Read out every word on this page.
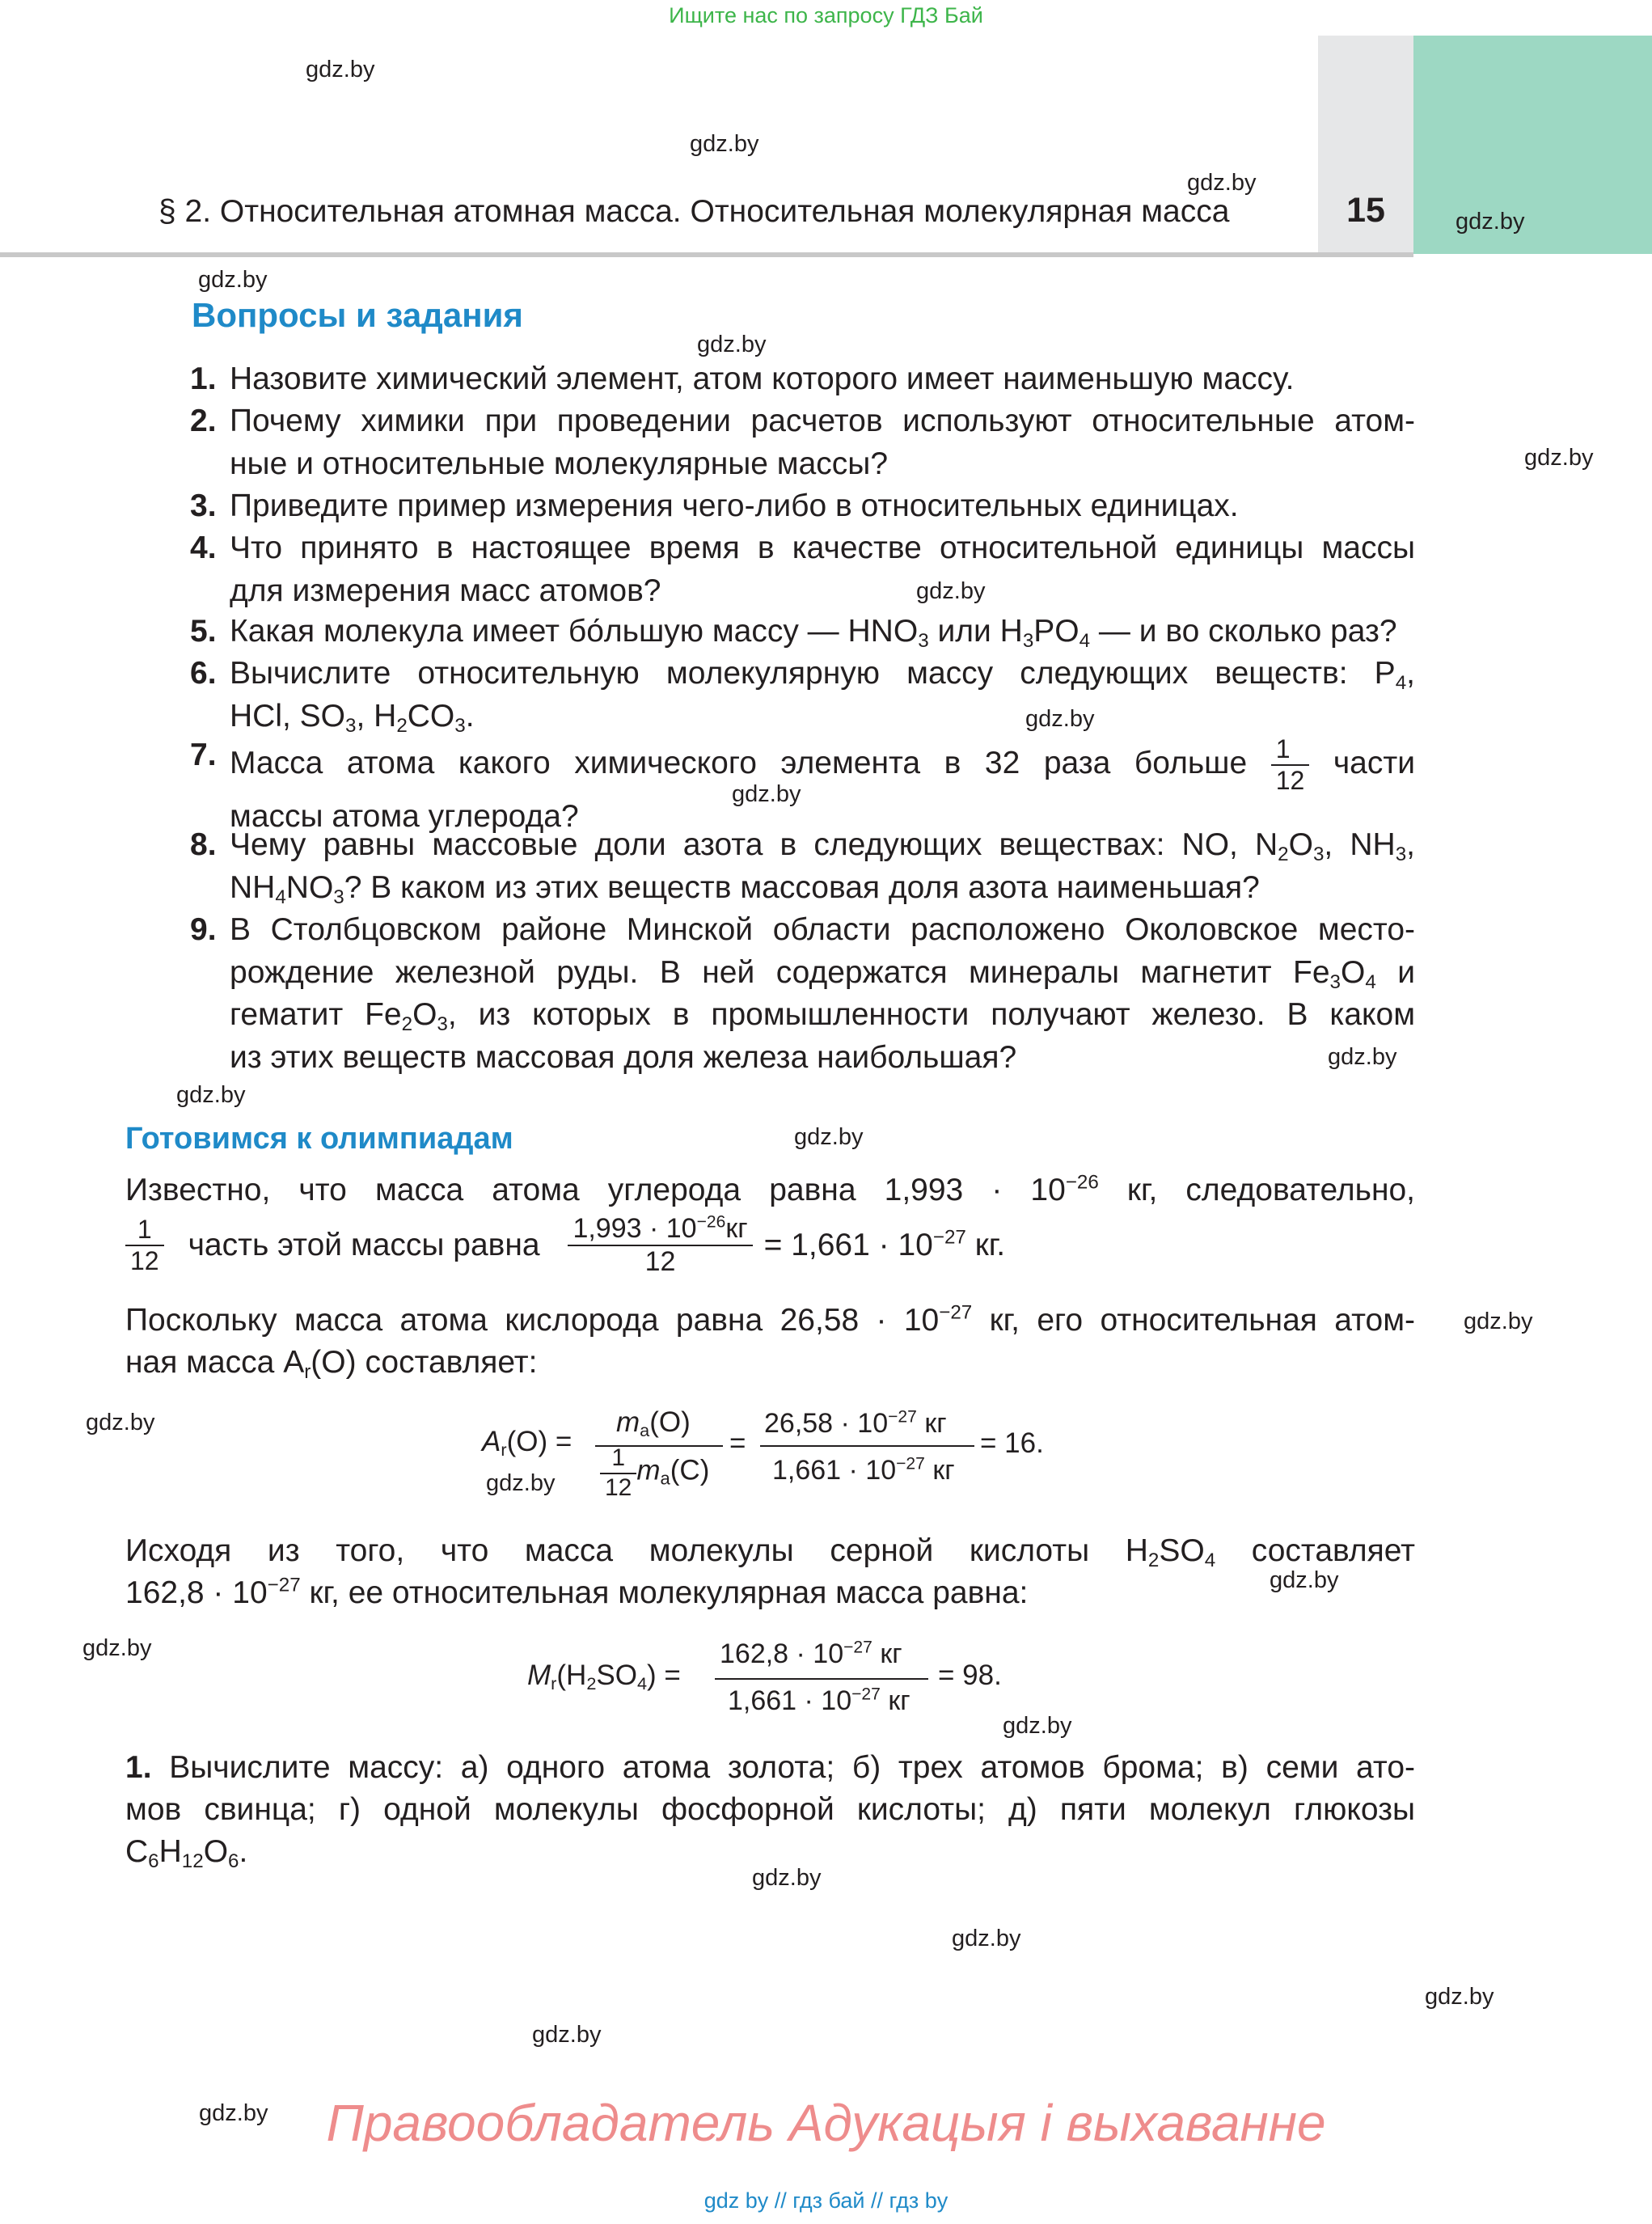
Ищите нас по запросу ГДЗ Бай
§ 2. Относительная атомная масса. Относительная молекулярная масса	15
gdz.by
gdz.by
gdz.by
gdz.by
gdz.by
gdz.by
gdz.by
gdz.by
gdz.by
gdz.by
gdz.by
gdz.by
gdz.by
gdz.by
gdz.by
gdz.by
gdz.by
gdz.by
gdz.by
gdz.by
gdz.by
gdz.by
gdz.by
gdz.by
Вопросы и задания
1. Назовите химический элемент, атом которого имеет наименьшую массу.
2. Почему химики при проведении расчетов используют относительные атом-
ные и относительные молекулярные массы?
3. Приведите пример измерения чего-либо в относительных единицах.
4. Что принято в настоящее время в качестве относительной единицы массы
для измерения масс атомов?
5. Какая молекула имеет бо́льшую массу — $HNO_3$ или $H_3PO_4$ — и во сколько раз?
6. Вычислите относительную молекулярную массу следующих веществ: $P_4$,
HCl, $SO_3$, $H_2CO_3$.
7. Масса атома какого химического элемента в 32 раза больше $\frac{1}{12}$ части
массы атома углерода?
8. Чему равны массовые доли азота в следующих веществах: NO, $N_2O_3$, $NH_3$,
$NH_4NO_3$? В каком из этих веществ массовая доля азота наименьшая?
9. В Столбцовском районе Минской области расположено Околовское место-
рождение железной руды. В ней содержатся минералы магнетит $Fe_3O_4$ и
гематит $Fe_2O_3$, из которых в промышленности получают железо. В каком
из этих веществ массовая доля железа наибольшая?
Готовимся к олимпиадам
Известно, что масса атома углерода равна $1,993 \cdot 10^{-26}$ кг, следовательно,
$\frac{1}{12}$ часть этой массы равна $\frac{1,993 \cdot 10^{-26}кг}{12} = 1,661 \cdot 10^{-27}$ кг.
Поскольку масса атома кислорода равна $26,58 \cdot 10^{-27}$ кг, его относительная атом-
ная масса $A_r(O)$ составляет:
$A_r(O)$ =
$m_a(O)$
$\frac{1}{12} m_a(C)$
=
$26,58 \cdot 10^{-27}$ кг
$1,661 \cdot 10^{-27}$ кг
= 16.
Исходя из того, что масса молекулы серной кислоты $H_2SO_4$ составляет
$162,8 \cdot 10^{-27}$ кг, ее относительная молекулярная масса равна:
$M_r(H_2SO_4)$ =
$162,8 \cdot 10^{-27}$ кг
$1,661 \cdot 10^{-27}$ кг
= 98.
1. Вычислите массу: а) одного атома золота; б) трех атомов брома; в) семи ато-
мов свинца; г) одной молекулы фосфорной кислоты; д) пяти молекул глюкозы
$C_6H_{12}O_6$.
Правообладатель Адукацыя і выхаванне
gdz by // гдз бай // гдз by
